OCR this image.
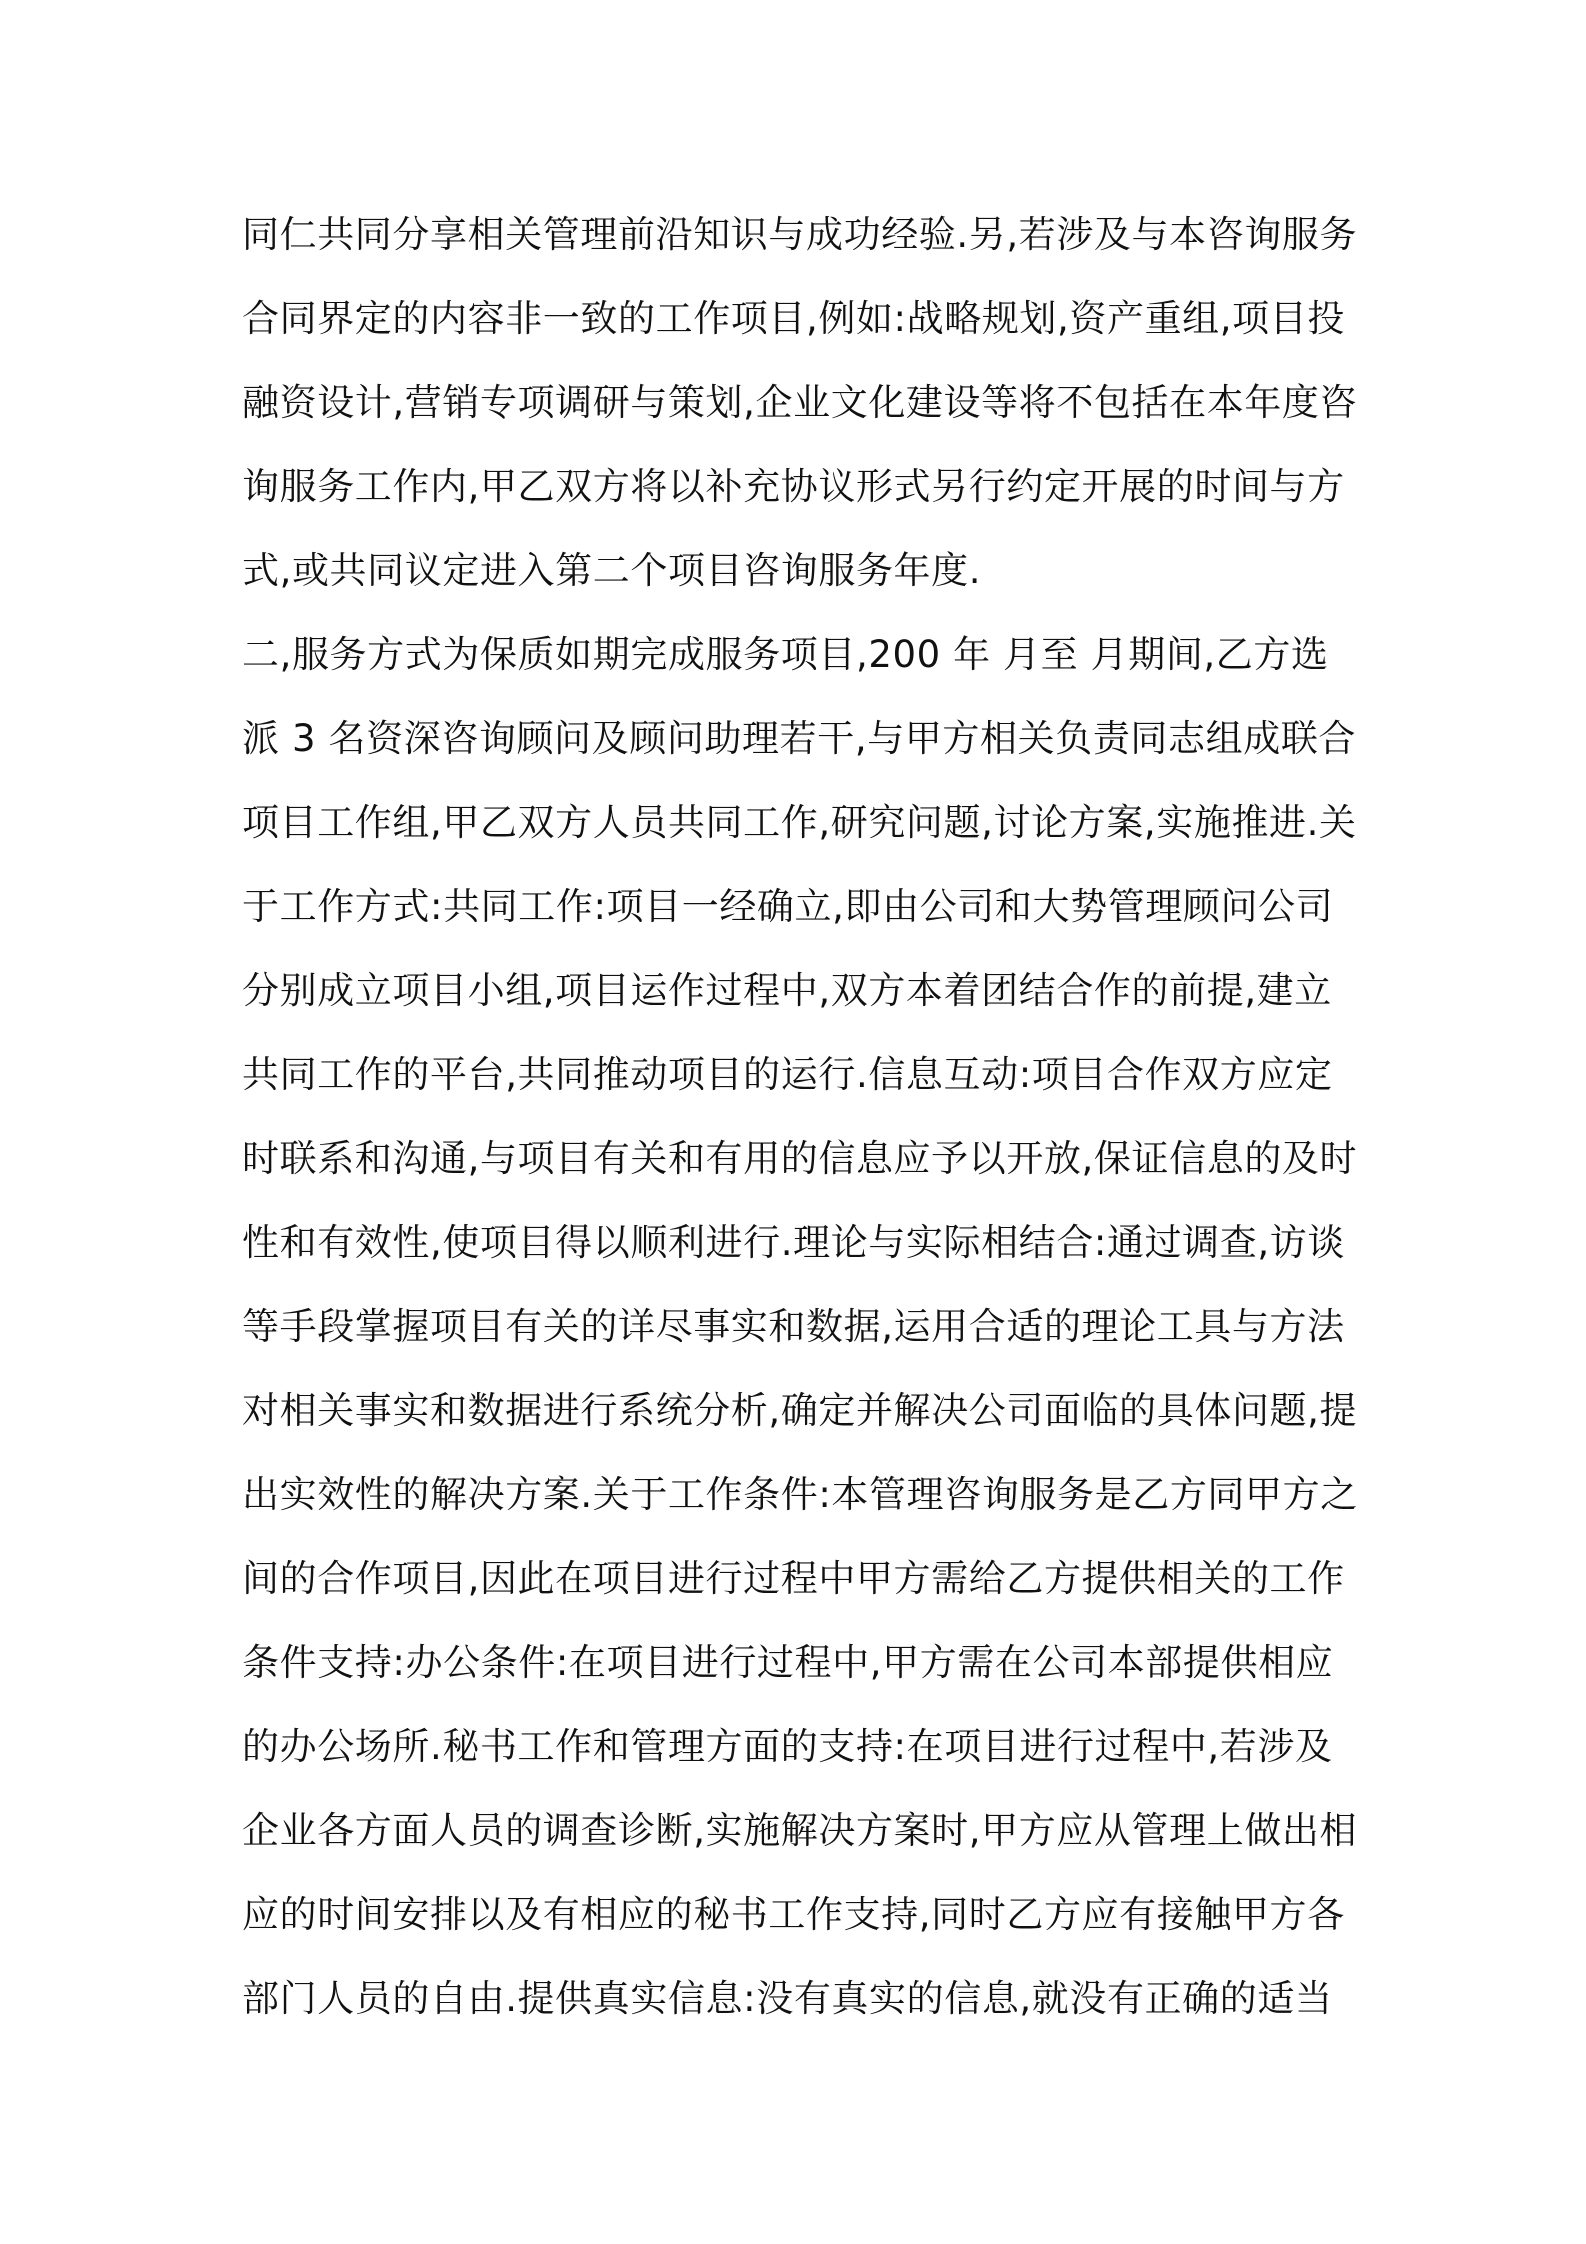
同仁共同分享相关管理前沿知识与成功经验.另,若涉及与本咨询服务
合同界定的内容非一致的工作项目,例如:战略规划,资产重组,项目投
融资设计,营销专项调研与策划,企业文化建设等将不包括在本年度咨
询服务工作内,甲乙双方将以补充协议形式另行约定开展的时间与方
式,或共同议定进入第二个项目咨询服务年度.
二,服务方式为保质如期完成服务项目,200 年 月至 月期间,乙方选
派 3 名资深咨询顾问及顾问助理若干,与甲方相关负责同志组成联合
项目工作组,甲乙双方人员共同工作,研究问题,讨论方案,实施推进.关
于工作方式:共同工作:项目一经确立,即由公司和大势管理顾问公司
分别成立项目小组,项目运作过程中,双方本着团结合作的前提,建立
共同工作的平台,共同推动项目的运行.信息互动:项目合作双方应定
时联系和沟通,与项目有关和有用的信息应予以开放,保证信息的及时
性和有效性,使项目得以顺利进行.理论与实际相结合:通过调查,访谈
等手段掌握项目有关的详尽事实和数据,运用合适的理论工具与方法
对相关事实和数据进行系统分析,确定并解决公司面临的具体问题,提
出实效性的解决方案.关于工作条件:本管理咨询服务是乙方同甲方之
间的合作项目,因此在项目进行过程中甲方需给乙方提供相关的工作
条件支持:办公条件:在项目进行过程中,甲方需在公司本部提供相应
的办公场所.秘书工作和管理方面的支持:在项目进行过程中,若涉及
企业各方面人员的调查诊断,实施解决方案时,甲方应从管理上做出相
应的时间安排以及有相应的秘书工作支持,同时乙方应有接触甲方各
部门人员的自由.提供真实信息:没有真实的信息,就没有正确的适当
